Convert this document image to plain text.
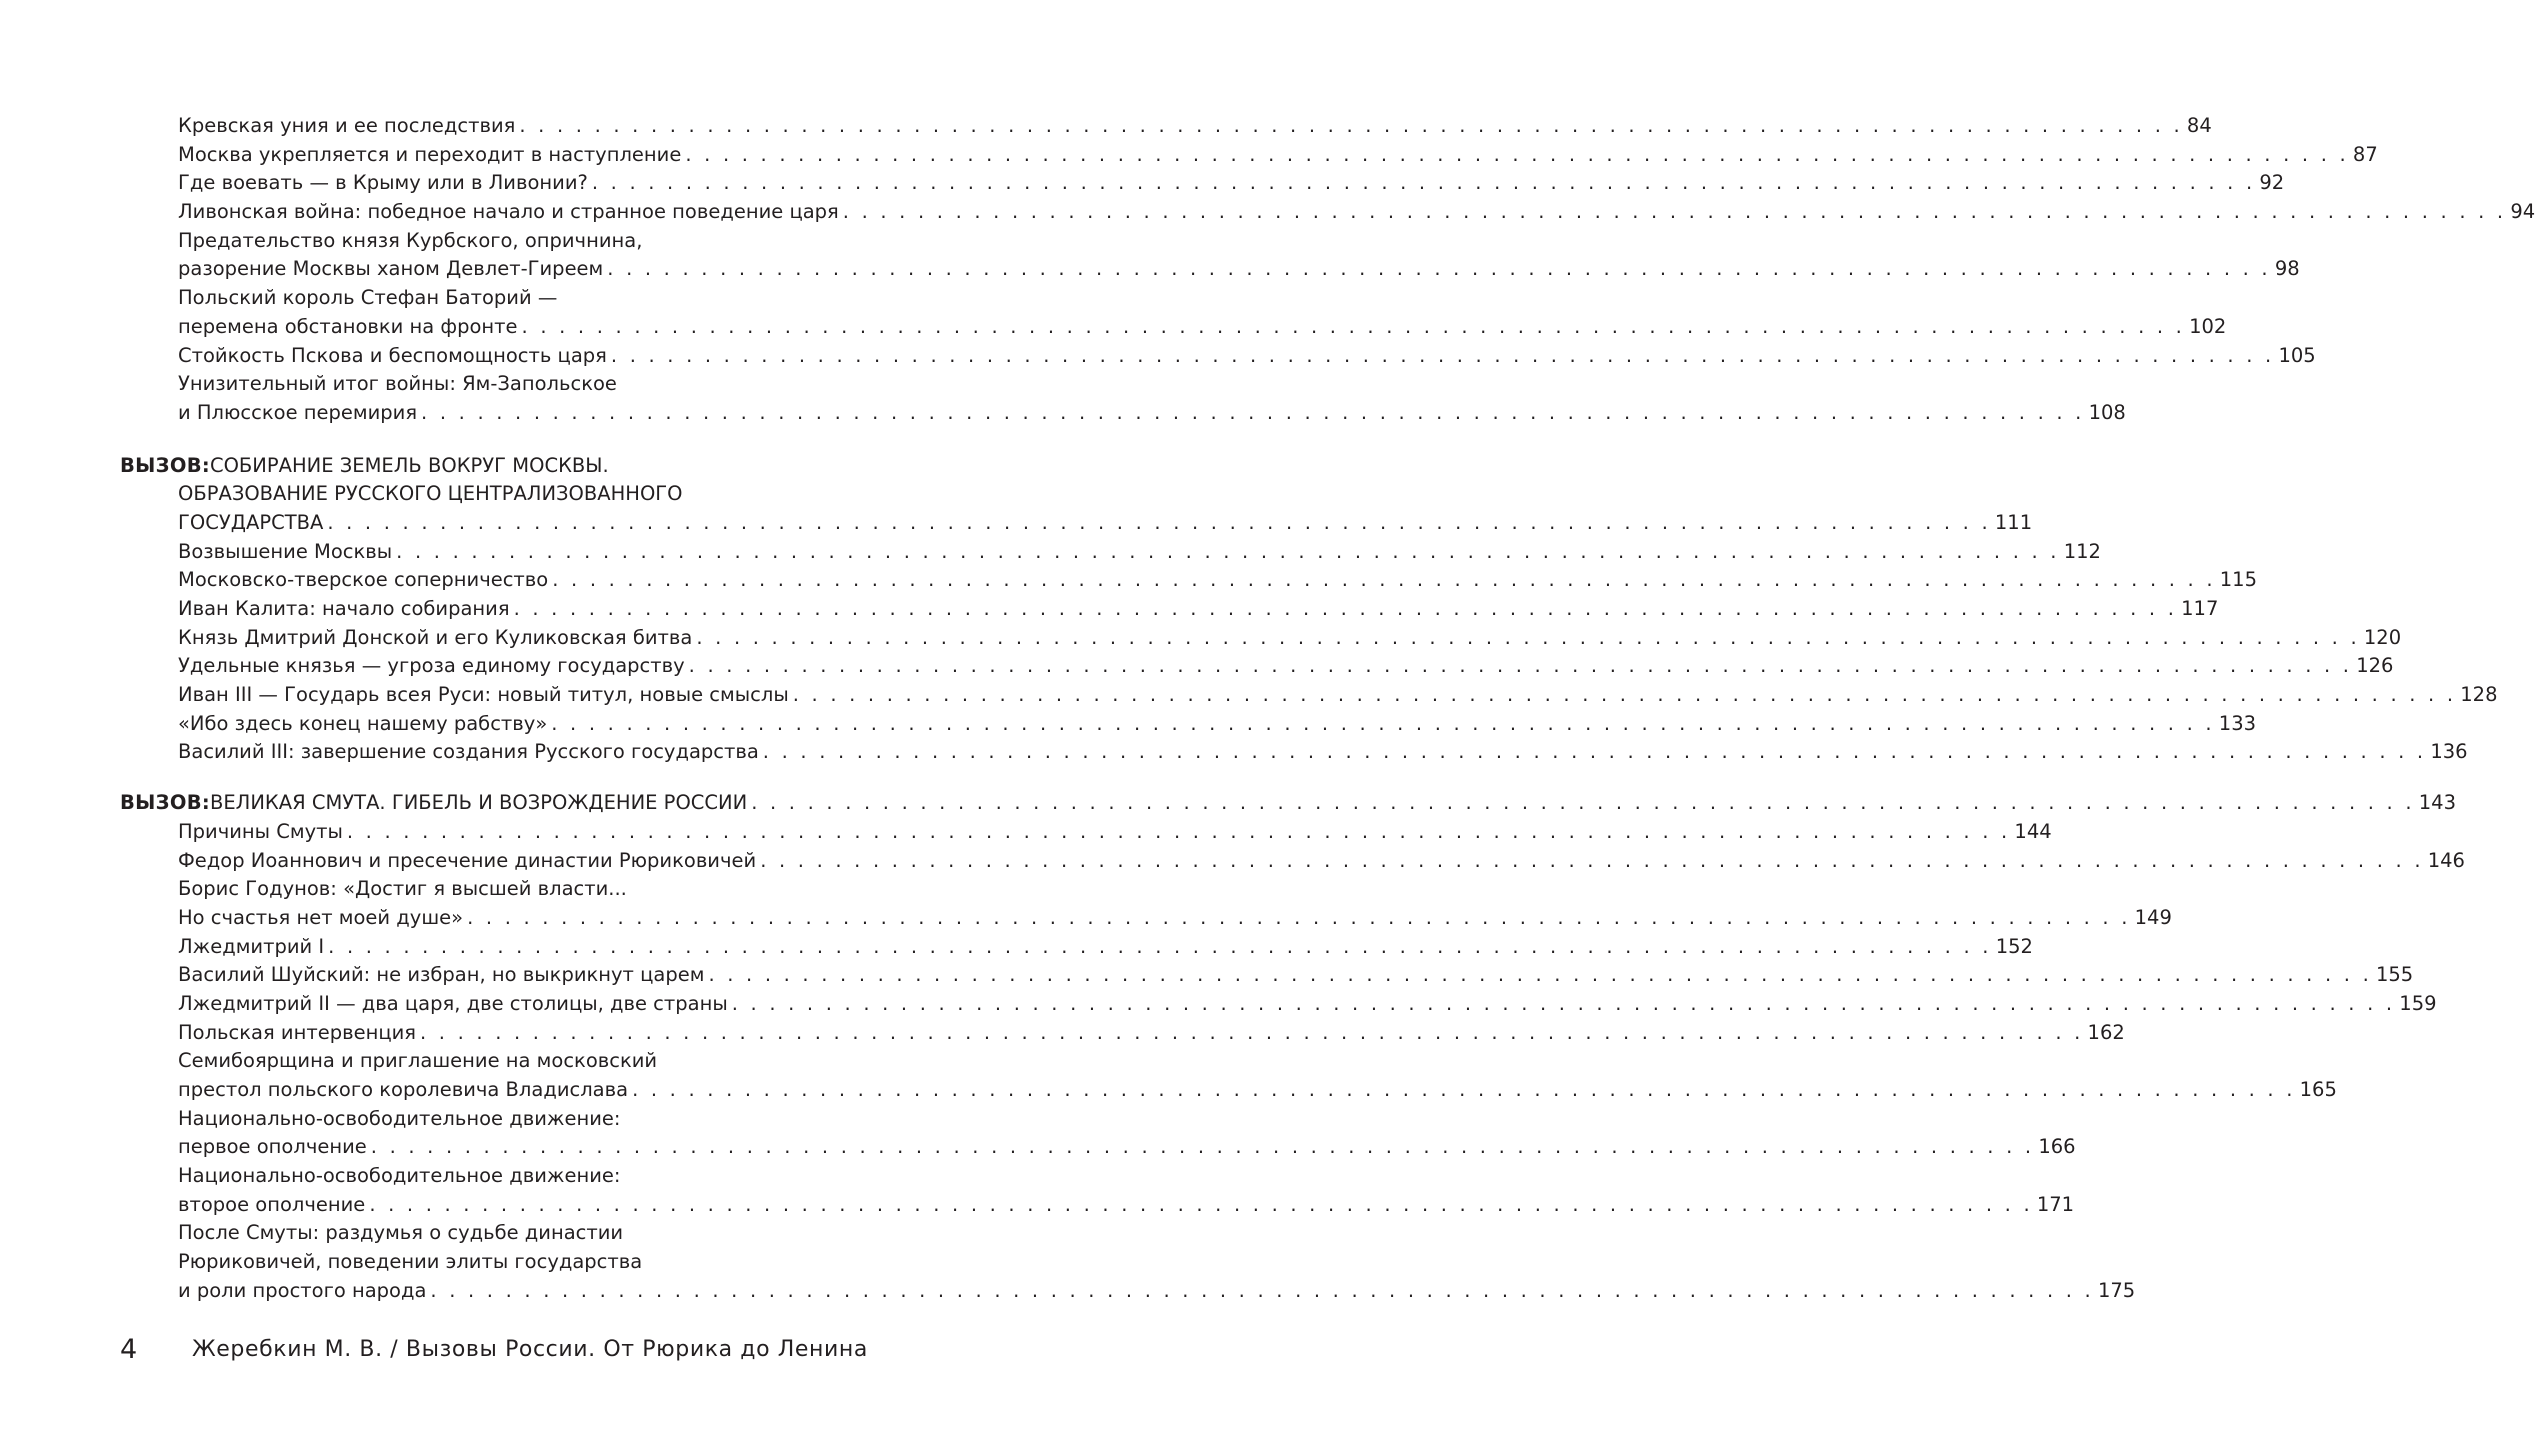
Кревская уния и ее последствия . . . . . . . . . . . . . . . . . . . . . . . . . . . . . . . . . . . . . . . . . . . . . . . . . . . . . . . . . . . . . . . . . . . . . . . . . . . . . . . . . . . . . . . . . 84
Москва укрепляется и переходит в наступление . . . . . . . . . . . . . . . . . . . . . . . . . . . . . . . . . . . . . . . . . . . . . . . . . . . . . . . . . . . . . . . . . . . . . . . . . . . . . . . . . . . . . . . . . 87
Где воевать — в Крыму или в Ливонии? . . . . . . . . . . . . . . . . . . . . . . . . . . . . . . . . . . . . . . . . . . . . . . . . . . . . . . . . . . . . . . . . . . . . . . . . . . . . . . . . . . . . . . . . . 92
Ливонская война: победное начало и странное поведение царя . . . . . . . . . . . . . . . . . . . . . . . . . . . . . . . . . . . . . . . . . . . . . . . . . . . . . . . . . . . . . . . . . . . . . . . . . . . . . . . . . . . . . . . . . 94
Предательство князя Курбского, опричнина,
разорение Москвы ханом Девлет-Гиреем . . . . . . . . . . . . . . . . . . . . . . . . . . . . . . . . . . . . . . . . . . . . . . . . . . . . . . . . . . . . . . . . . . . . . . . . . . . . . . . . . . . . . . . . . 98
Польский король Стефан Баторий —
перемена обстановки на фронте . . . . . . . . . . . . . . . . . . . . . . . . . . . . . . . . . . . . . . . . . . . . . . . . . . . . . . . . . . . . . . . . . . . . . . . . . . . . . . . . . . . . . . . . . 102
Стойкость Пскова и беспомощность царя . . . . . . . . . . . . . . . . . . . . . . . . . . . . . . . . . . . . . . . . . . . . . . . . . . . . . . . . . . . . . . . . . . . . . . . . . . . . . . . . . . . . . . . . . 105
Унизительный итог войны: Ям-Запольское
и Плюсское перемирия . . . . . . . . . . . . . . . . . . . . . . . . . . . . . . . . . . . . . . . . . . . . . . . . . . . . . . . . . . . . . . . . . . . . . . . . . . . . . . . . . . . . . . . . . 108
ВЫЗОВ: СОБИРАНИЕ ЗЕМЕЛЬ ВОКРУГ МОСКВЫ.
ОБРАЗОВАНИЕ РУССКОГО ЦЕНТРАЛИЗОВАННОГО
ГОСУДАРСТВА . . . . . . . . . . . . . . . . . . . . . . . . . . . . . . . . . . . . . . . . . . . . . . . . . . . . . . . . . . . . . . . . . . . . . . . . . . . . . . . . . . . . . . . . . 111
Возвышение Москвы . . . . . . . . . . . . . . . . . . . . . . . . . . . . . . . . . . . . . . . . . . . . . . . . . . . . . . . . . . . . . . . . . . . . . . . . . . . . . . . . . . . . . . . . . 112
Московско-тверское соперничество . . . . . . . . . . . . . . . . . . . . . . . . . . . . . . . . . . . . . . . . . . . . . . . . . . . . . . . . . . . . . . . . . . . . . . . . . . . . . . . . . . . . . . . . . 115
Иван Калита: начало собирания . . . . . . . . . . . . . . . . . . . . . . . . . . . . . . . . . . . . . . . . . . . . . . . . . . . . . . . . . . . . . . . . . . . . . . . . . . . . . . . . . . . . . . . . . 117
Князь Дмитрий Донской и его Куликовская битва . . . . . . . . . . . . . . . . . . . . . . . . . . . . . . . . . . . . . . . . . . . . . . . . . . . . . . . . . . . . . . . . . . . . . . . . . . . . . . . . . . . . . . . . . 120
Удельные князья — угроза единому государству . . . . . . . . . . . . . . . . . . . . . . . . . . . . . . . . . . . . . . . . . . . . . . . . . . . . . . . . . . . . . . . . . . . . . . . . . . . . . . . . . . . . . . . . . 126
Иван III — Государь всея Руси: новый титул, новые смыслы . . . . . . . . . . . . . . . . . . . . . . . . . . . . . . . . . . . . . . . . . . . . . . . . . . . . . . . . . . . . . . . . . . . . . . . . . . . . . . . . . . . . . . . . . 128
«Ибо здесь конец нашему рабству» . . . . . . . . . . . . . . . . . . . . . . . . . . . . . . . . . . . . . . . . . . . . . . . . . . . . . . . . . . . . . . . . . . . . . . . . . . . . . . . . . . . . . . . . . 133
Василий III: завершение создания Русского государства . . . . . . . . . . . . . . . . . . . . . . . . . . . . . . . . . . . . . . . . . . . . . . . . . . . . . . . . . . . . . . . . . . . . . . . . . . . . . . . . . . . . . . . . . 136
ВЫЗОВ: ВЕЛИКАЯ СМУТА. ГИБЕЛЬ И ВОЗРОЖДЕНИЕ РОССИИ . . . . . . . . . . . . . . . . . . . . . . . . . . . . . . . . . . . . . . . . . . . . . . . . . . . . . . . . . . . . . . . . . . . . . . . . . . . . . . . . . . . . . . . . . 143
Причины Смуты . . . . . . . . . . . . . . . . . . . . . . . . . . . . . . . . . . . . . . . . . . . . . . . . . . . . . . . . . . . . . . . . . . . . . . . . . . . . . . . . . . . . . . . . . 144
Федор Иоаннович и пресечение династии Рюриковичей . . . . . . . . . . . . . . . . . . . . . . . . . . . . . . . . . . . . . . . . . . . . . . . . . . . . . . . . . . . . . . . . . . . . . . . . . . . . . . . . . . . . . . . . . 146
Борис Годунов: «Достиг я высшей власти...
Но счастья нет моей душе» . . . . . . . . . . . . . . . . . . . . . . . . . . . . . . . . . . . . . . . . . . . . . . . . . . . . . . . . . . . . . . . . . . . . . . . . . . . . . . . . . . . . . . . . . 149
Лжедмитрий I . . . . . . . . . . . . . . . . . . . . . . . . . . . . . . . . . . . . . . . . . . . . . . . . . . . . . . . . . . . . . . . . . . . . . . . . . . . . . . . . . . . . . . . . . 152
Василий Шуйский: не избран, но выкрикнут царем . . . . . . . . . . . . . . . . . . . . . . . . . . . . . . . . . . . . . . . . . . . . . . . . . . . . . . . . . . . . . . . . . . . . . . . . . . . . . . . . . . . . . . . . . 155
Лжедмитрий II — два царя, две столицы, две страны . . . . . . . . . . . . . . . . . . . . . . . . . . . . . . . . . . . . . . . . . . . . . . . . . . . . . . . . . . . . . . . . . . . . . . . . . . . . . . . . . . . . . . . . . 159
Польская интервенция . . . . . . . . . . . . . . . . . . . . . . . . . . . . . . . . . . . . . . . . . . . . . . . . . . . . . . . . . . . . . . . . . . . . . . . . . . . . . . . . . . . . . . . . . 162
Семибоярщина и приглашение на московский
престол польского королевича Владислава . . . . . . . . . . . . . . . . . . . . . . . . . . . . . . . . . . . . . . . . . . . . . . . . . . . . . . . . . . . . . . . . . . . . . . . . . . . . . . . . . . . . . . . . . 165
Национально-освободительное движение:
первое ополчение . . . . . . . . . . . . . . . . . . . . . . . . . . . . . . . . . . . . . . . . . . . . . . . . . . . . . . . . . . . . . . . . . . . . . . . . . . . . . . . . . . . . . . . . . 166
Национально-освободительное движение:
второе ополчение . . . . . . . . . . . . . . . . . . . . . . . . . . . . . . . . . . . . . . . . . . . . . . . . . . . . . . . . . . . . . . . . . . . . . . . . . . . . . . . . . . . . . . . . . 171
После Смуты: раздумья о судьбе династии
Рюриковичей, поведении элиты государства
и роли простого народа . . . . . . . . . . . . . . . . . . . . . . . . . . . . . . . . . . . . . . . . . . . . . . . . . . . . . . . . . . . . . . . . . . . . . . . . . . . . . . . . . . . . . . . . . 175
4 Жеребкин М. В. / Вызовы России. От Рюрика до Ленина
